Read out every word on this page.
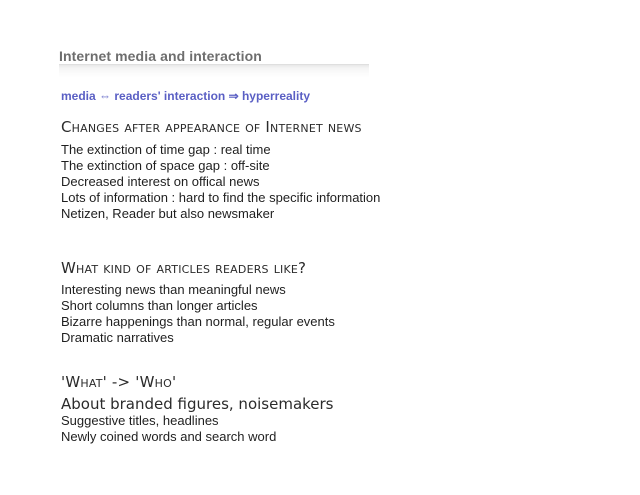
Internet media and interaction
media ⇔ readers' interaction ⇒ hyperreality
Changes after appearance of Internet news
The extinction of time gap : real time
The extinction of space gap : off-site
Decreased interest on offical news
Lots of information : hard to find the specific information
Netizen, Reader but also newsmaker
What kind of articles readers like?
Interesting news than meaningful news
Short columns than longer articles
Bizarre happenings than normal, regular events
Dramatic narratives
'What' -> 'Who'
About branded figures, noisemakers
Suggestive titles, headlines
Newly coined words and search word
